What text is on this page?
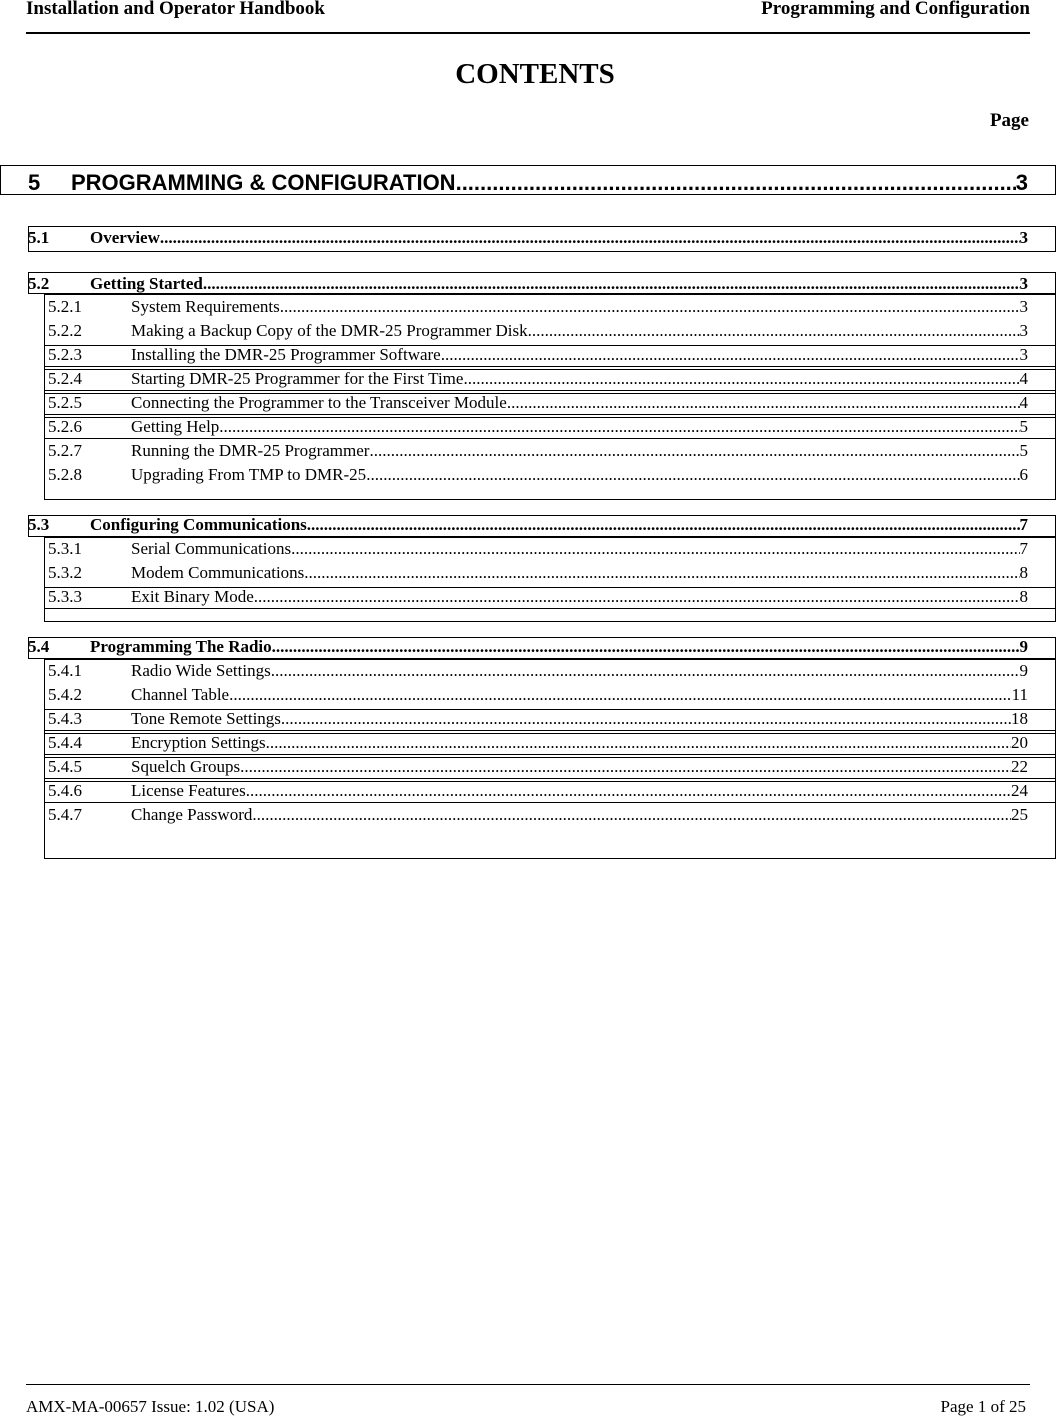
Installation and Operator Handbook	Programming and Configuration
CONTENTS
Page
5	PROGRAMMING & CONFIGURATION .....	3
5.1	Overview .....	3
5.2	Getting Started .....	3
5.2.1	System Requirements .....	3
5.2.2	Making a Backup Copy of the DMR-25 Programmer Disk .....	3
5.2.3	Installing the DMR-25 Programmer Software .....	3
5.2.4	Starting DMR-25 Programmer for the First Time .....	4
5.2.5	Connecting the Programmer to the Transceiver Module .....	4
5.2.6	Getting Help .....	5
5.2.7	Running the DMR-25 Programmer .....	5
5.2.8	Upgrading From TMP to DMR-25 .....	6
5.3	Configuring Communications .....	7
5.3.1	Serial Communications .....	7
5.3.2	Modem Communications .....	8
5.3.3	Exit Binary Mode .....	8
5.4	Programming The Radio .....	9
5.4.1	Radio Wide Settings .....	9
5.4.2	Channel Table .....	11
5.4.3	Tone Remote Settings .....	18
5.4.4	Encryption Settings .....	20
5.4.5	Squelch Groups .....	22
5.4.6	License Features .....	24
5.4.7	Change Password .....	25
AMX-MA-00657 Issue: 1.02 (USA)	Page 1 of 25
